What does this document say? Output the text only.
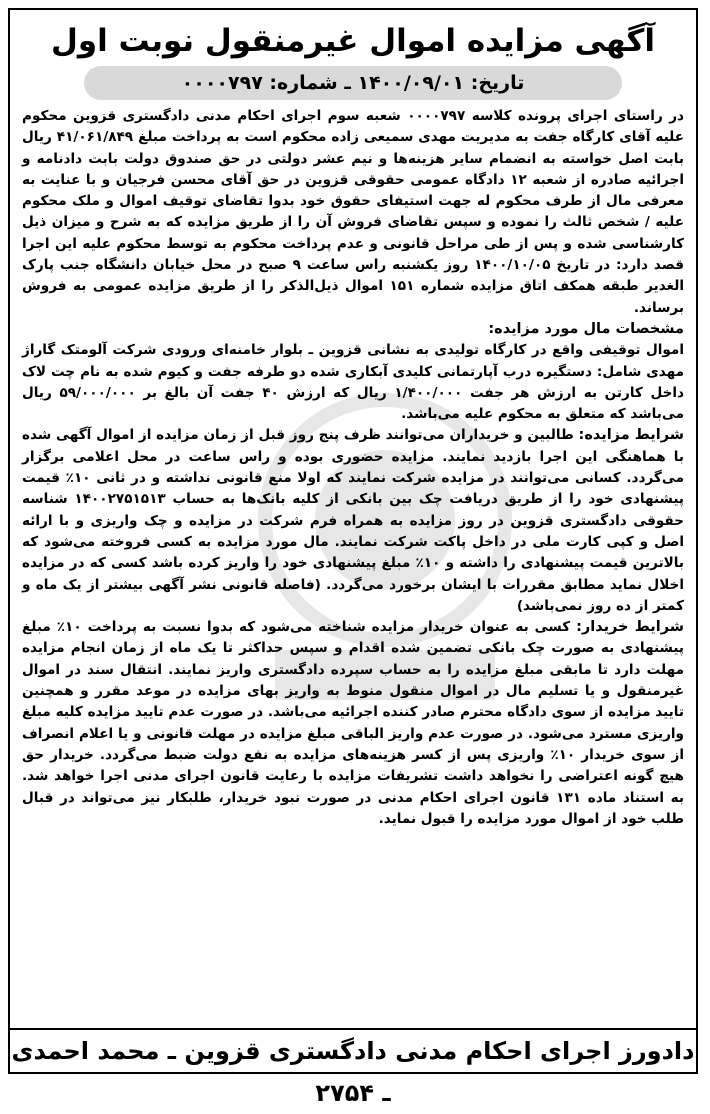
آگهی مزایده اموال غیرمنقول نوبت اول
تاریخ: ۱۴۰۰/۰۹/۰۱ ـ شماره: ۰۰۰۰۷۹۷

در راستای اجرای پرونده کلاسه ۰۰۰۰۷۹۷ شعبه سوم اجرای احکام مدنی دادگستری قزوین محکوم علیه آقای کارگاه جفت به مدیریت مهدی سمیعی زاده محکوم است به پرداخت مبلغ ۴۱/۰۶۱/۸۴۹ ریال بابت اصل خواسته به انضمام سایر هزینه‌ها و نیم عشر دولتی در حق صندوق دولت بابت دادنامه و اجرائیه صادره از شعبه ۱۲ دادگاه عمومی حقوقی قزوین در حق آقای محسن فرجیان و با عنایت به معرفی مال از طرف محکوم له جهت استیفای حقوق خود بدوا تقاضای توقیف اموال و ملک محکوم علیه / شخص ثالث را نموده و سپس تقاضای فروش آن را از طریق مزایده که به شرح و میزان ذیل کارشناسی شده و پس از طی مراحل قانونی و عدم پرداخت محکوم به توسط محکوم علیه این اجرا قصد دارد: در تاریخ ۱۴۰۰/۱۰/۰۵ روز یکشنبه راس ساعت ۹ صبح در محل خیابان دانشگاه جنب پارک الغدیر طبقه همکف اتاق مزایده شماره ۱۵۱ اموال ذیل‌الذکر را از طریق مزایده عمومی به فروش برساند.

مشخصات مال مورد مزایده:

اموال توقیفی واقع در کارگاه تولیدی به نشانی قزوین ـ بلوار خامنه‌ای ورودی شرکت آلومتک گاراژ مهدی شامل: دستگیره درب آپارتمانی کلیدی آبکاری شده دو طرفه جفت و کیوم شده به نام چت لاک داخل کارتن به ارزش هر جفت ۱/۴۰۰/۰۰۰ ریال که ارزش ۴۰ جفت آن بالغ بر ۵۹/۰۰۰/۰۰۰ ریال می‌باشد که متعلق به محکوم علیه می‌باشد.

شرایط مزایده: طالبین و خریداران می‌توانند ظرف پنج روز قبل از زمان مزایده از اموال آگهی شده با هماهنگی این اجرا بازدید نمایند. مزایده حضوری بوده و راس ساعت در محل اعلامی برگزار می‌گردد. کسانی می‌توانند در مزایده شرکت نمایند که اولا منع قانونی نداشته و در ثانی ۱۰٪ قیمت پیشنهادی خود را از طریق دریافت چک بین بانکی از کلیه بانک‌ها به حساب ۱۴۰۰۲۷۵۱۵۱۳ شناسه حقوقی دادگستری قزوین در روز مزایده به همراه فرم شرکت در مزایده و چک واریزی و با ارائه اصل و کپی کارت ملی در داخل پاکت شرکت نمایند. مال مورد مزایده به کسی فروخته می‌شود که بالاترین قیمت پیشنهادی را داشته و ۱۰٪ مبلغ پیشنهادی خود را واریز کرده باشد کسی که در مزایده اخلال نماید مطابق مقررات با ایشان برخورد می‌گردد. (فاصله قانونی نشر آگهی بیشتر از یک ماه و کمتر از ده روز نمی‌باشد)

شرایط خریدار: کسی به عنوان خریدار مزایده شناخته می‌شود که بدوا نسبت به پرداخت ۱۰٪ مبلغ پیشنهادی به صورت چک بانکی تضمین شده اقدام و سپس حداکثر تا یک ماه از زمان انجام مزایده مهلت دارد تا مابقی مبلغ مزایده را به حساب سپرده دادگستری واریز نمایند. انتقال سند در اموال غیرمنقول و یا تسلیم مال در اموال منقول منوط به واریز بهای مزایده در موعد مقرر و همچنین تایید مزایده از سوی دادگاه محترم صادر کننده اجرائیه می‌باشد. در صورت عدم تایید مزایده کلیه مبلغ واریزی مسترد می‌شود. در صورت عدم واریز الباقی مبلغ مزایده در مهلت قانونی و یا اعلام انصراف از سوی خریدار ۱۰٪ واریزی پس از کسر هزینه‌های مزایده به نفع دولت ضبط می‌گردد. خریدار حق هیچ گونه اعتراضی را نخواهد داشت تشریفات مزایده با رعایت قانون اجرای مدنی اجرا خواهد شد. به استناد ماده ۱۳۱ قانون اجرای احکام مدنی در صورت نبود خریدار، طلبکار نیز می‌تواند در قبال طلب خود از اموال مورد مزایده را قبول نماید.

دادورز اجرای احکام مدنی دادگستری قزوین ـ محمد احمدی ـ ۲۷۵۴
